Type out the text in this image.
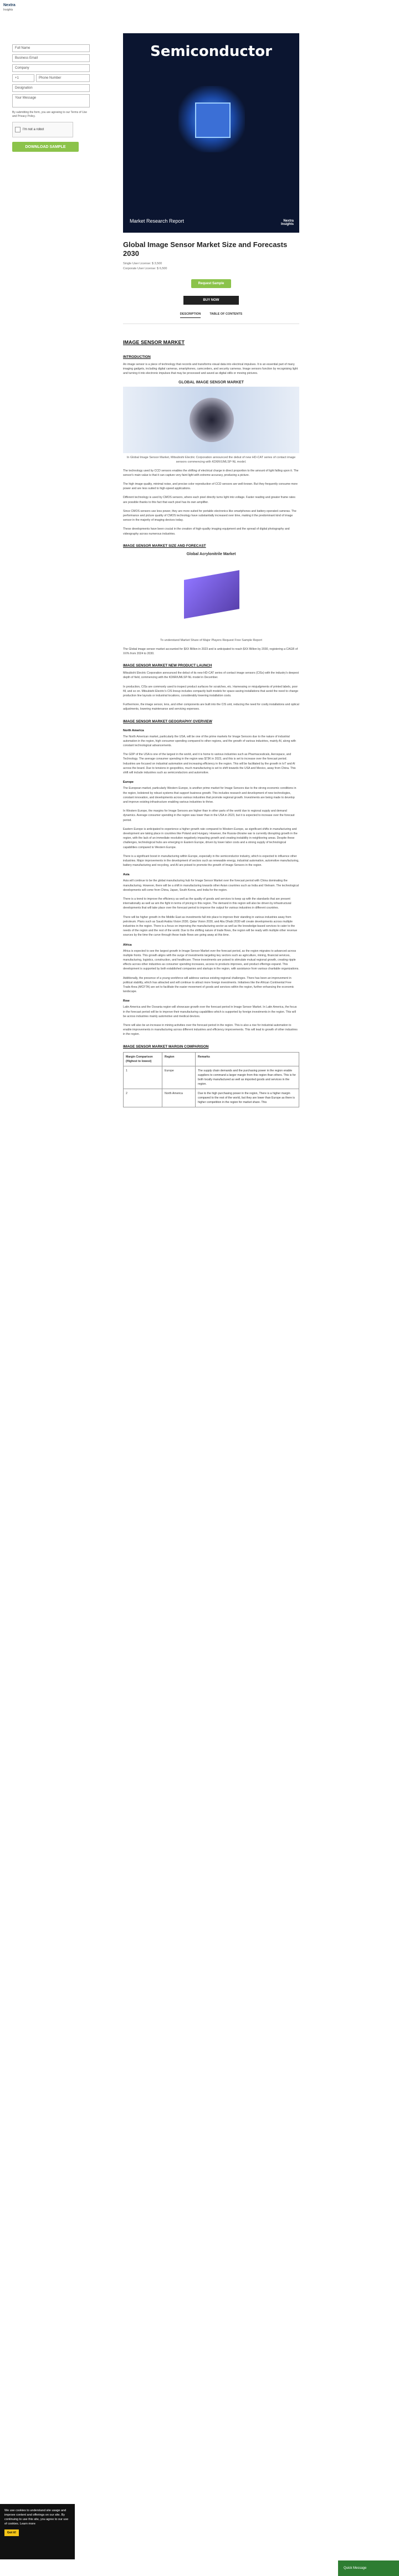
Nextra
Insights
Full Name
Business Email
Company
+1	Phone Number
Designation
Your Message
By submitting the form, you are agreeing to our Terms of Use and Privacy Policy.
I'm not a robot
DOWNLOAD SAMPLE
Semiconductor
Market Research Report	Nextra
Insights
Global Image Sensor Market Size and Forecasts 2030
Single User License: $ 3,500
Corporate User License: $ 6,500
Request Sample
BUY NOW
DESCRIPTION	TABLE OF CONTENTS
IMAGE SENSOR MARKET
INTRODUCTION

An image sensor is a piece of technology that records and transforms visual data into electrical impulses. It is an essential part of many imaging gadgets, including digital cameras, smartphones, camcorders, and security cameras. Image sensors function by recognising light and turning it into electronic impulses that may be processed and saved as digital stills or moving pictures.

GLOBAL IMAGE SENSOR MARKET
In Global Image Sensor Market, Mitsubishi Electric Corporation announced the debut of new HD-CAT series of contact image sensors commencing with KD6R/UMLSP-NL model.

The technology used by CCD sensors enables the shifting of electrical charge in direct proportion to the amount of light falling upon it. The sensor's main value is that it can capture very faint light with extreme accuracy, producing a picture.

The high image quality, minimal noise, and precise color reproduction of CCD sensors are well-known. But they frequently consume more power and are less suited to high-speed applications.

Different technology is used by CMOS sensors, where each pixel directly turns light into voltage. Faster reading and greater frame rates are possible thanks to this fact that each pixel has its own amplifier.

Since CMOS sensors use less power, they are more suited for portable electronics like smartphones and battery-operated cameras. The performance and picture quality of CMOS technology have substantially increased over time, making it the predominant kind of image sensor in the majority of imaging devices today.

These developments have been crucial in the creation of high-quality imaging equipment and the spread of digital photography and videography across numerous industries.

IMAGE SENSOR MARKET SIZE AND FORECAST
Global Acrylonitrile Market
To understand Market Share of Major Players Request Free Sample Report

The Global image sensor market accounted for $XX Billion in 2023 and is anticipated to reach $XX Billion by 2030, registering a CAGR of XX% from 2024 to 2030.

IMAGE SENSOR MARKET NEW PRODUCT LAUNCH

Mitsubishi Electric Corporation announced the debut of its new HD-CAT series of contact image sensors (CISs) with the industry's deepest depth of field, commencing with the KD6R/UMLSP-NL model in December.

In production, CISs are commonly used to inspect product surfaces for scratches, etc. Harnessing or misjudgments of printed labels, poor fill, and so on. Mitsubishi Electric's CIS lineup includes compactly built models for space-saving installations that avoid the need to change production line layouts or industrial locations, considerably lowering installation costs.

Furthermore, the image sensor, lens, and other components are built into the CIS unit, reducing the need for costly installations and optical adjustments, lowering maintenance and servicing expenses.

IMAGE SENSOR MARKET GEOGRAPHY OVERVIEW
North America

The North American market, particularly the USA, will be one of the prime markets for Image Sensors due to the nature of industrial automation in the region, high consumer spending compared to other regions, and the growth of various industries, mainly AI, along with constant technological advancements.

The GDP of the USA is one of the largest in the world, and it is home to various industries such as Pharmaceuticals, Aerospace, and Technology. The average consumer spending in the region was $73K in 2023, and this is set to increase over the forecast period. Industries are focused on industrial automation and increasing efficiency in the region. This will be facilitated by the growth in IoT and AI across the board. Due to tensions in geopolitics, much manufacturing is set to shift towards the USA and Mexico, away from China. This shift will include industries such as semiconductors and automotive.

Europe

The European market, particularly Western Europe, is another prime market for Image Sensors due to the strong economic conditions in the region, bolstered by robust systems that support business growth. This includes research and development of new technologies, constant innovation, and developments across various industries that promote regional growth. Investments are being made to develop and improve existing infrastructure enabling various industries to thrive.

In Western Europe, the margins for Image Sensors are higher than in other parts of the world due to regional supply and demand dynamics. Average consumer spending in the region was lower than in the USA in 2023, but it is expected to increase over the forecast period.

Eastern Europe is anticipated to experience a higher growth rate compared to Western Europe, as significant shifts in manufacturing and development are taking place in countries like Poland and Hungary. However, the Russia-Ukraine war is currently disrupting growth in the region, with the lack of an immediate resolution negatively impacting growth and creating instability in neighboring areas. Despite these challenges, technological hubs are emerging in Eastern Europe, driven by lower labor costs and a strong supply of technological capabilities compared to Western Europe.

There is a significant boost in manufacturing within Europe, especially in the semiconductor industry, which is expected to influence other industries. Major improvements in the development of sectors such as renewable energy, industrial automation, automotive manufacturing, battery manufacturing and recycling, and AI are poised to promote the growth of Image Sensors in the region.

Asia

Asia will continue to be the global manufacturing hub for Image Sensor Market over the forecast period with China dominating the manufacturing. However, there will be a shift in manufacturing towards other Asian countries such as India and Vietnam. The technological developments will come from China, Japan, South Korea, and India for the region.

There is a trend to improve the efficiency as well as the quality of goods and services to keep up with the standards that are present internationally as well as win the fight in terms of pricing in this region. The demand in this region will also be driven by infrastructural developments that will take place over the forecast period to improve the output for various industries in different countries.

There will be higher growth in the Middle East as investments fall into place to improve their standing in various industries away from petroleum. Plans such as Saudi Arabia Vision 2030, Qatar Vision 2030, and Abu Dhabi 2030 will create developments across multiple industries in the region. There is a focus on improving the manufacturing sector as well as the knowledge-based services to cater to the needs of the region and the rest of the world. Due to the shifting nature of trade flows, the region will be ready with multiple other revenue sources by the time the curve through these trade flows are going away at this time.

Africa

Africa is expected to see the largest growth in Image Sensor Market over the forecast period, as the region migrates to advanced across multiple fronts. This growth aligns with the surge of investments targeting key sectors such as agriculture, mining, financial services, manufacturing, logistics, construction, and healthcare. These investments are poised to stimulate mutual regional growth, creating ripple effects across other industries as consumer spending increases, access to products improves, and product offerings expand. This development is supported by both established companies and startups in the region, with assistance from various charitable organizations.

Additionally, the presence of a young workforce will address various existing regional challenges. There has been an improvement in political stability, which has attracted and will continue to attract more foreign investments. Initiatives like the African Continental Free Trade Area (AfCFTA) are set to facilitate the easier movement of goods and services within the region, further enhancing the economic landscape.

Row

Latin America and the Oceania region will showcase growth over the forecast period in Image Sensor Market. In Latin America, the focus in the forecast period will be to improve their manufacturing capabilities which is supported by foreign investments in the region. This will be across industries mainly automotive and medical devices.

There will also be an increase in mining activities over the forecast period in the region. This is also a rise for industrial automation to enable improvements in manufacturing across different industries and efficiency improvements. This will lead to growth of other industries in the region.

IMAGE SENSOR MARKET MARGIN COMPARISON
Margin Comparison (Highest to lowest)	Region	Remarks
1	Europe	The supply chain demands and the purchasing power in the region enable suppliers to command a larger margin from this region than others. This is for both locally manufactured as well as imported goods and services in the region.
2	North America	Due to the high purchasing power in the region, There is a higher margin compared to the rest of the world, but they are lower than Europe as there is higher competition in the region for market share. This
We use cookies to understand site usage and improve content and offerings on our site. By continuing to use this site, you agree to our use of cookies. Learn more
Got it!
Quick Message
